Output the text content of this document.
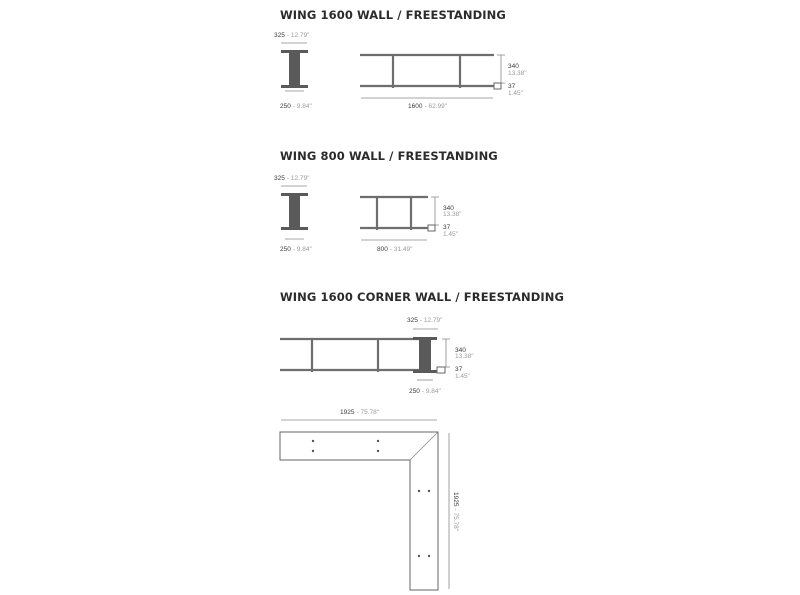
WING 1600 WALL / FREESTANDING
WING 800 WALL / FREESTANDING
WING 1600 CORNER WALL / FREESTANDING
325 - 12.79"
250 - 9.84"	1600 - 62.99"
340
13.38"
37
1.45"
325 - 12.79"
250 - 9.84"	800 - 31.49"
340
13.38"
37
1.45"
325 - 12.79"
250 - 9.84"
340
13.38"
37
1.45"
1925 - 75.78"
1925- 75.78"
